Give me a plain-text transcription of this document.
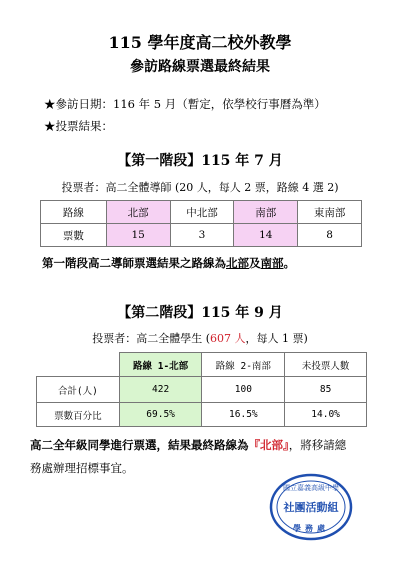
115 學年度高二校外教學
參訪路線票選最終結果
★參訪日期：116 年 5 月（暫定，依學校行事曆為準）
★投票結果：
【第一階段】115 年 7 月
投票者：高二全體導師 (20 人，每人 2 票，路線 4 選 2)
路線	北部	中北部	南部	東南部
票數	15	3	14	8
第一階段高二導師票選結果之路線為北部及南部。
【第二階段】115 年 9 月
投票者：高二全體學生 (607 人，每人 1 票)
	路線 1-北部	路線 2-南部	未投票人數
合計(人)	422	100	85
票數百分比	69.5%	16.5%	14.0%
高二全年級同學進行票選，結果最終路線為『北部』，將移請總
務處辦理招標事宜。
國立嘉義高級中學
社團活動組
學務處
